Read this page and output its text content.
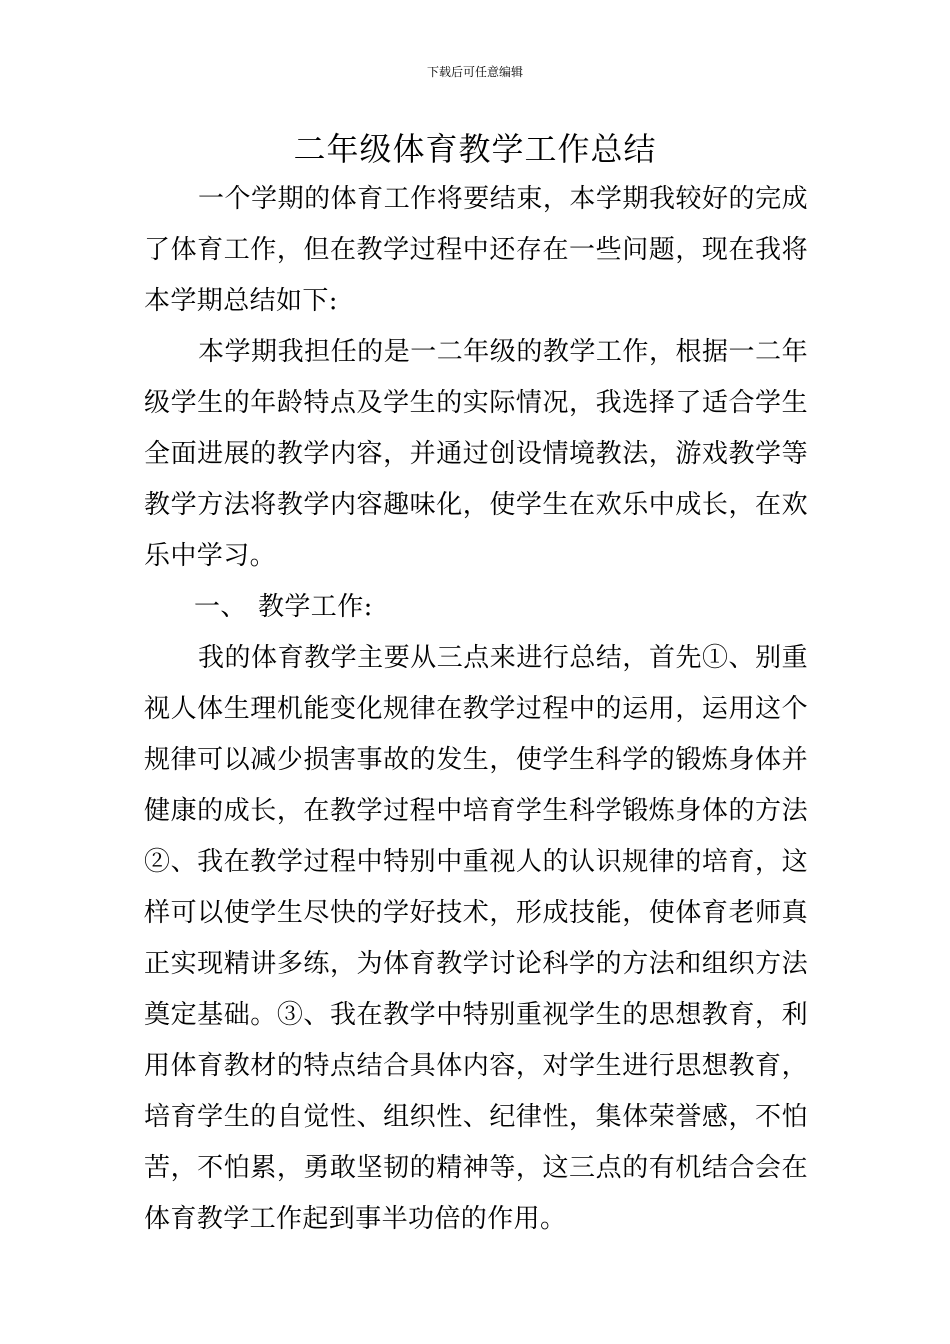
下载后可任意编辑
二年级体育教学工作总结

一个学期的体育工作将要结束，本学期我较好的完成了体育工作，但在教学过程中还存在一些问题，现在我将本学期总结如下:

本学期我担任的是一二年级的教学工作，根据一二年级学生的年龄特点及学生的实际情况，我选择了适合学生全面进展的教学内容，并通过创设情境教法，游戏教学等教学方法将教学内容趣味化，使学生在欢乐中成长，在欢乐中学习。

一、 教学工作:

我的体育教学主要从三点来进行总结，首先①、别重视人体生理机能变化规律在教学过程中的运用，运用这个规律可以减少损害事故的发生，使学生科学的锻炼身体并健康的成长，在教学过程中培育学生科学锻炼身体的方法②、我在教学过程中特别中重视人的认识规律的培育，这样可以使学生尽快的学好技术，形成技能，使体育老师真正实现精讲多练，为体育教学讨论科学的方法和组织方法奠定基础。③、我在教学中特别重视学生的思想教育，利用体育教材的特点结合具体内容，对学生进行思想教育，培育学生的自觉性、组织性、纪律性，集体荣誉感，不怕苦，不怕累，勇敢坚韧的精神等，这三点的有机结合会在体育教学工作起到事半功倍的作用。
